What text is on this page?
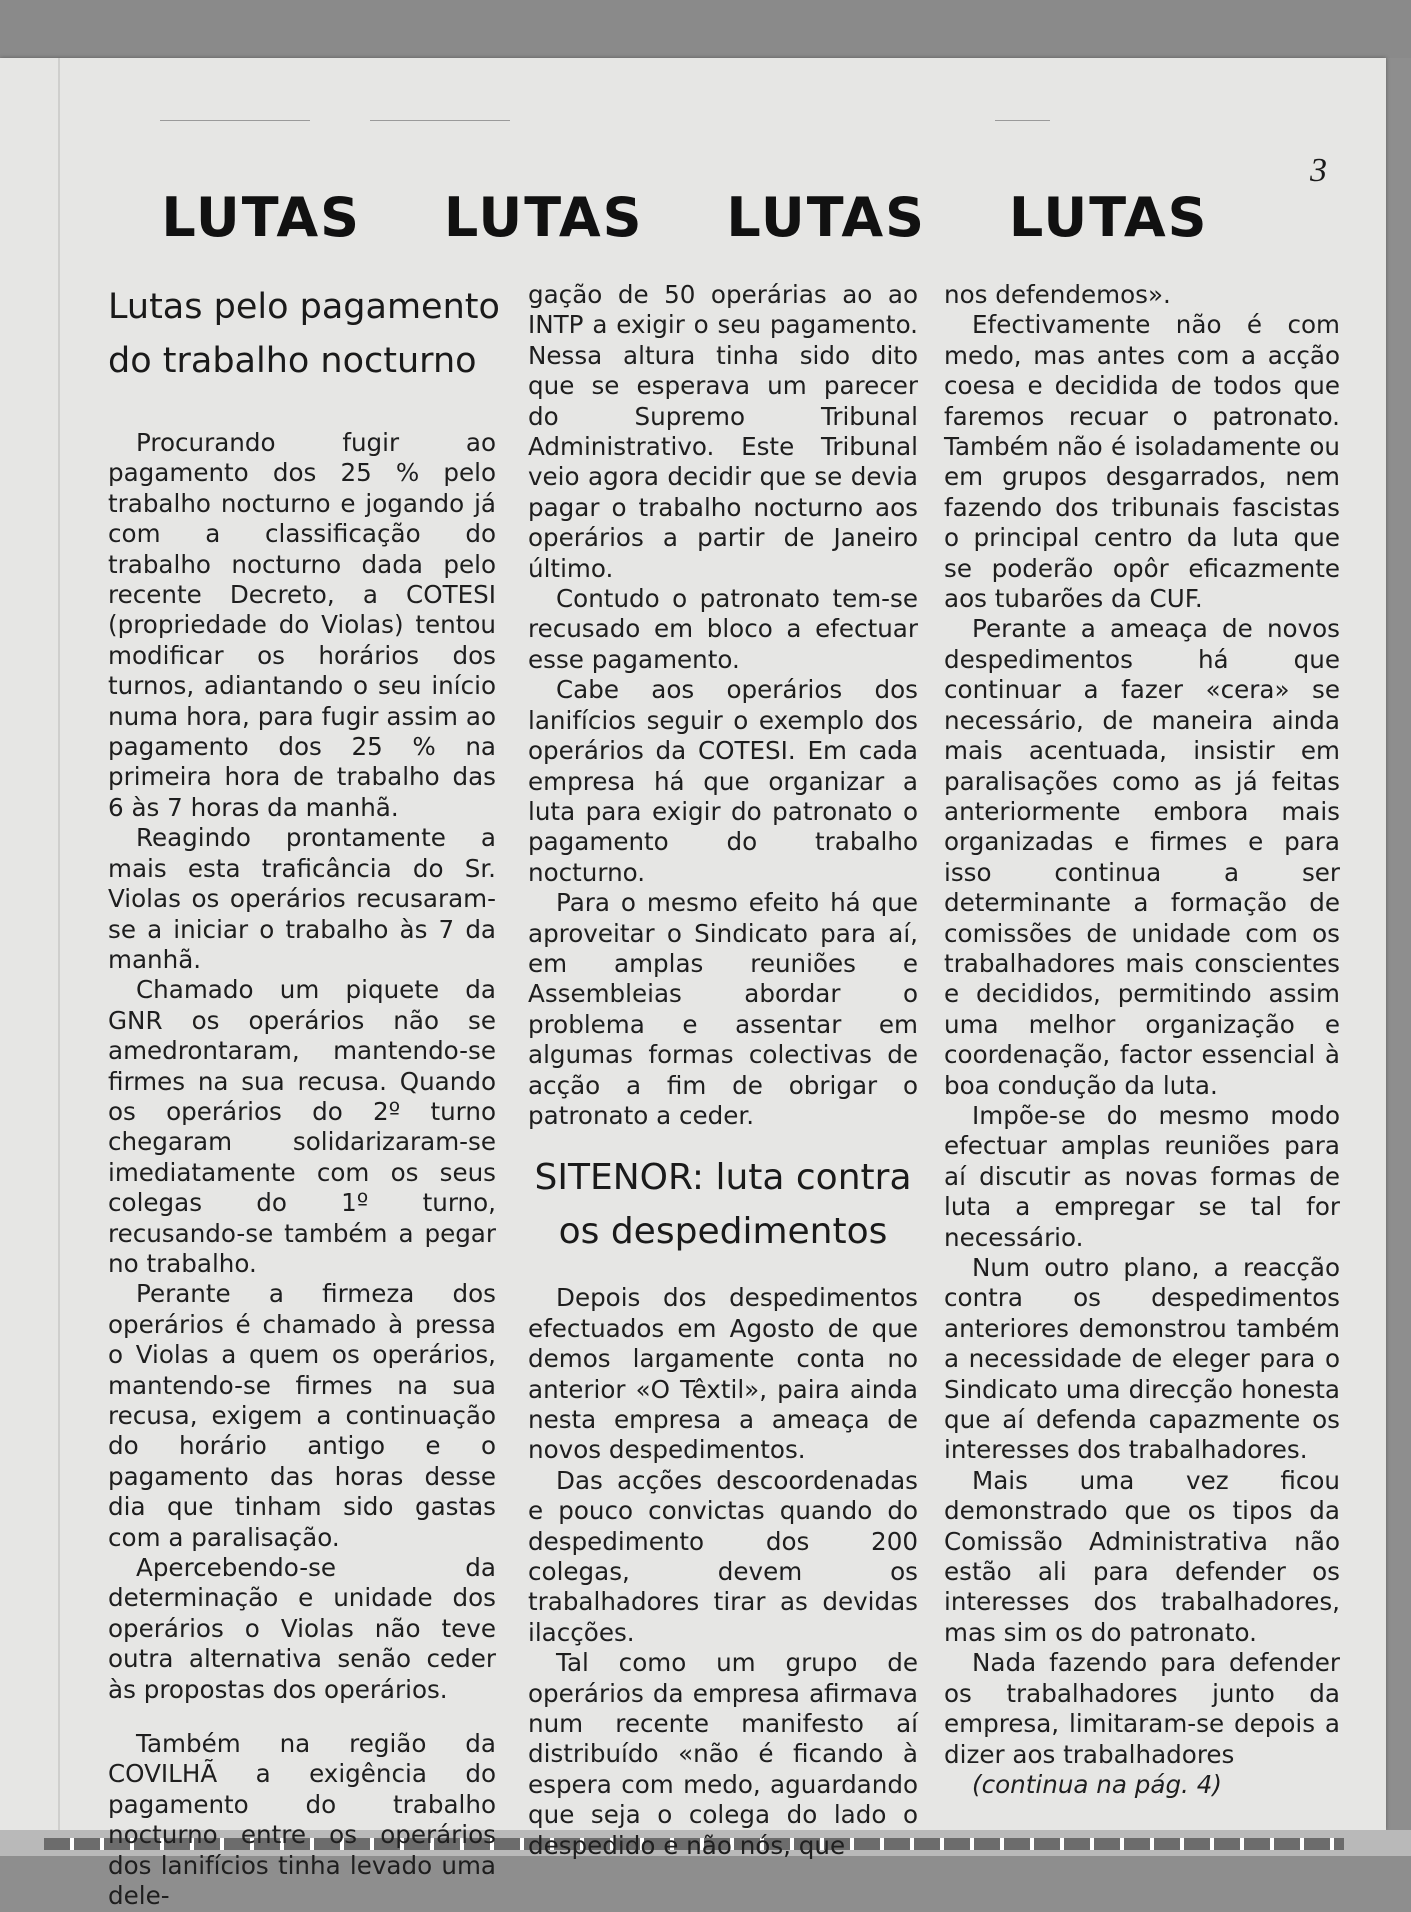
3
LUTAS LUTAS LUTAS LUTAS
Lutas pelo pagamento
do trabalho nocturno

Procurando fugir ao pagamento dos 25 % pelo trabalho nocturno e jogando já com a classificação do trabalho nocturno dada pelo recente Decreto, a COTESI (propriedade do Violas) tentou modificar os horários dos turnos, adiantando o seu início numa hora, para fugir assim ao pagamento dos 25 % na primeira hora de trabalho das 6 às 7 horas da manhã.

Reagindo prontamente a mais esta traficância do Sr. Violas os operários recusaram-se a iniciar o trabalho às 7 da manhã.

Chamado um piquete da GNR os operários não se amedrontaram, mantendo-se firmes na sua recusa. Quando os operários do 2º turno chegaram solidarizaram-se imediatamente com os seus colegas do 1º turno, recusando-se também a pegar no trabalho.

Perante a firmeza dos operários é chamado à pressa o Violas a quem os operários, mantendo-se firmes na sua recusa, exigem a continuação do horário antigo e o pagamento das horas desse dia que tinham sido gastas com a paralisação.

Apercebendo-se da determinação e unidade dos operários o Violas não teve outra alternativa senão ceder às propostas dos operários.

Também na região da COVILHÃ a exigência do pagamento do trabalho nocturno entre os operários dos lanifícios tinha levado uma dele-

gação de 50 operárias ao ao INTP a exigir o seu pagamento. Nessa altura tinha sido dito que se esperava um parecer do Supremo Tribunal Administrativo. Este Tribunal veio agora decidir que se devia pagar o trabalho nocturno aos operários a partir de Janeiro último.

Contudo o patronato tem-se recusado em bloco a efectuar esse pagamento.

Cabe aos operários dos lanifícios seguir o exemplo dos operários da COTESI. Em cada empresa há que organizar a luta para exigir do patronato o pagamento do trabalho nocturno.

Para o mesmo efeito há que aproveitar o Sindicato para aí, em amplas reuniões e Assembleias abordar o problema e assentar em algumas formas colectivas de acção a fim de obrigar o patronato a ceder.

SITENOR: luta contra
os despedimentos

Depois dos despedimentos efectuados em Agosto de que demos largamente conta no anterior «O Têxtil», paira ainda nesta empresa a ameaça de novos despedimentos.

Das acções descoordenadas e pouco convictas quando do despedimento dos 200 colegas, devem os trabalhadores tirar as devidas ilacções.

Tal como um grupo de operários da empresa afirmava num recente manifesto aí distribuído «não é ficando à espera com medo, aguardando que seja o colega do lado o despedido e não nós, que

nos defendemos».

Efectivamente não é com medo, mas antes com a acção coesa e decidida de todos que faremos recuar o patronato. Também não é isoladamente ou em grupos desgarrados, nem fazendo dos tribunais fascistas o principal centro da luta que se poderão opôr eficazmente aos tubarões da CUF.

Perante a ameaça de novos despedimentos há que continuar a fazer «cera» se necessário, de maneira ainda mais acentuada, insistir em paralisações como as já feitas anteriormente embora mais organizadas e firmes e para isso continua a ser determinante a formação de comissões de unidade com os trabalhadores mais conscientes e decididos, permitindo assim uma melhor organização e coordenação, factor essencial à boa condução da luta.

Impõe-se do mesmo modo efectuar amplas reuniões para aí discutir as novas formas de luta a empregar se tal for necessário.

Num outro plano, a reacção contra os despedimentos anteriores demonstrou também a necessidade de eleger para o Sindicato uma direcção honesta que aí defenda capazmente os interesses dos trabalhadores.

Mais uma vez ficou demonstrado que os tipos da Comissão Administrativa não estão ali para defender os interesses dos trabalhadores, mas sim os do patronato.

Nada fazendo para defender os trabalhadores junto da empresa, limitaram-se depois a dizer aos trabalhadores

(continua na pág. 4)
